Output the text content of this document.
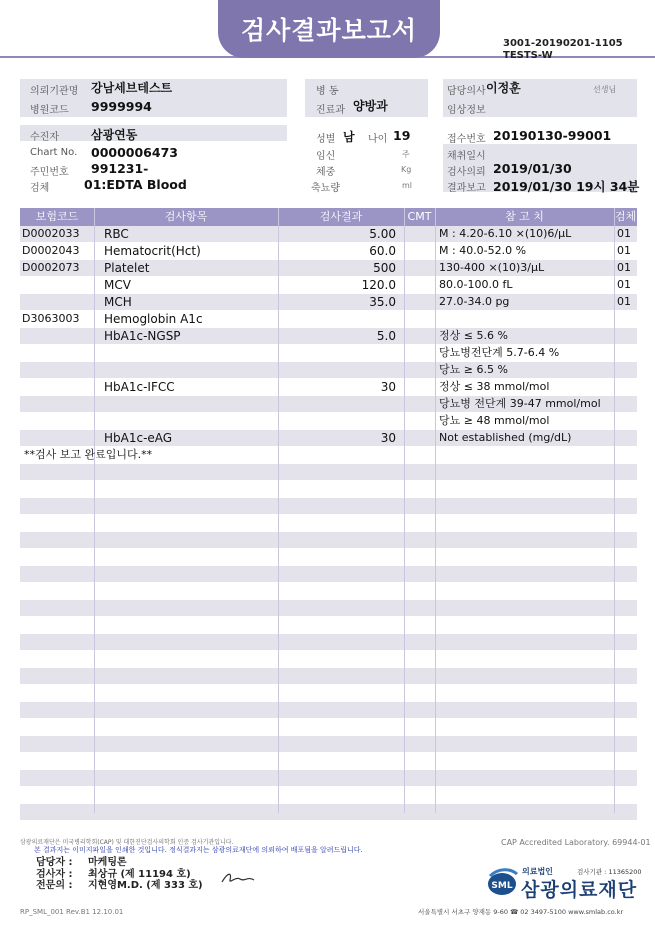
검사결과보고서	3001-20190201-1105
TESTS-W
의뢰기관명 강남세브테스트
병원코드 9999994
수진자	삼광연동
Chart No. 0000006473
주민번호 991231-
검체	01:EDTA Blood
병 동
진료과 양방과
성별 남 나이 19
임신	주
체중	Kg
축뇨량	ml
담당의사 이정훈	선생님
임상정보
접수번호 20190130-99001
채취일시
검사의뢰 2019/01/30
결과보고 2019/01/30 19시 34분
보험코드	검사항목	검사결과	CMT	참 고 치	검체
D0002033 RBC	5.00	M : 4.20-6.10 ×(10)6/μL	01
D0002043 Hematocrit(Hct)	60.0	M : 40.0-52.0 %	01
D0002073 Platelet	500	130-400 ×(10)3/μL	01
MCV	120.0	80.0-100.0 fL	01
MCH	35.0	27.0-34.0 pg	01
D3063003 Hemoglobin A1c
HbA1c-NGSP	5.0	정상 ≤ 5.6 %
당뇨병전단계 5.7-6.4 %
당뇨 ≥ 6.5 %
HbA1c-IFCC	30	정상 ≤ 38 mmol/mol
당뇨병 전단계 39-47 mmol/mol
당뇨 ≥ 48 mmol/mol
HbA1c-eAG	30	Not established (mg/dL)
**검사 보고 완료입니다.**
삼광의료재단은 미국병리학회(CAP) 및 대한진단검사의학회 인증 검사기관입니다.	CAP Accredited Laboratory. 69944-01
본 결과지는 이미지파일을 인쇄한 것입니다. 정식결과지는 삼광의료재단에 의뢰하여 배포됨을 알려드립니다.
담당자 : 마케팅론
검사자 : 최상규 (제 11194 호)
전문의 : 지현영M.D. (제 333 호)
RP_SML_001 Rev.B1 12.10.01
SML
의료법인	검사기관 : 11365200
삼광의료재단
서울특별시 서초구 양재동 9-60 ☎ 02 3497-5100 www.smlab.co.kr
